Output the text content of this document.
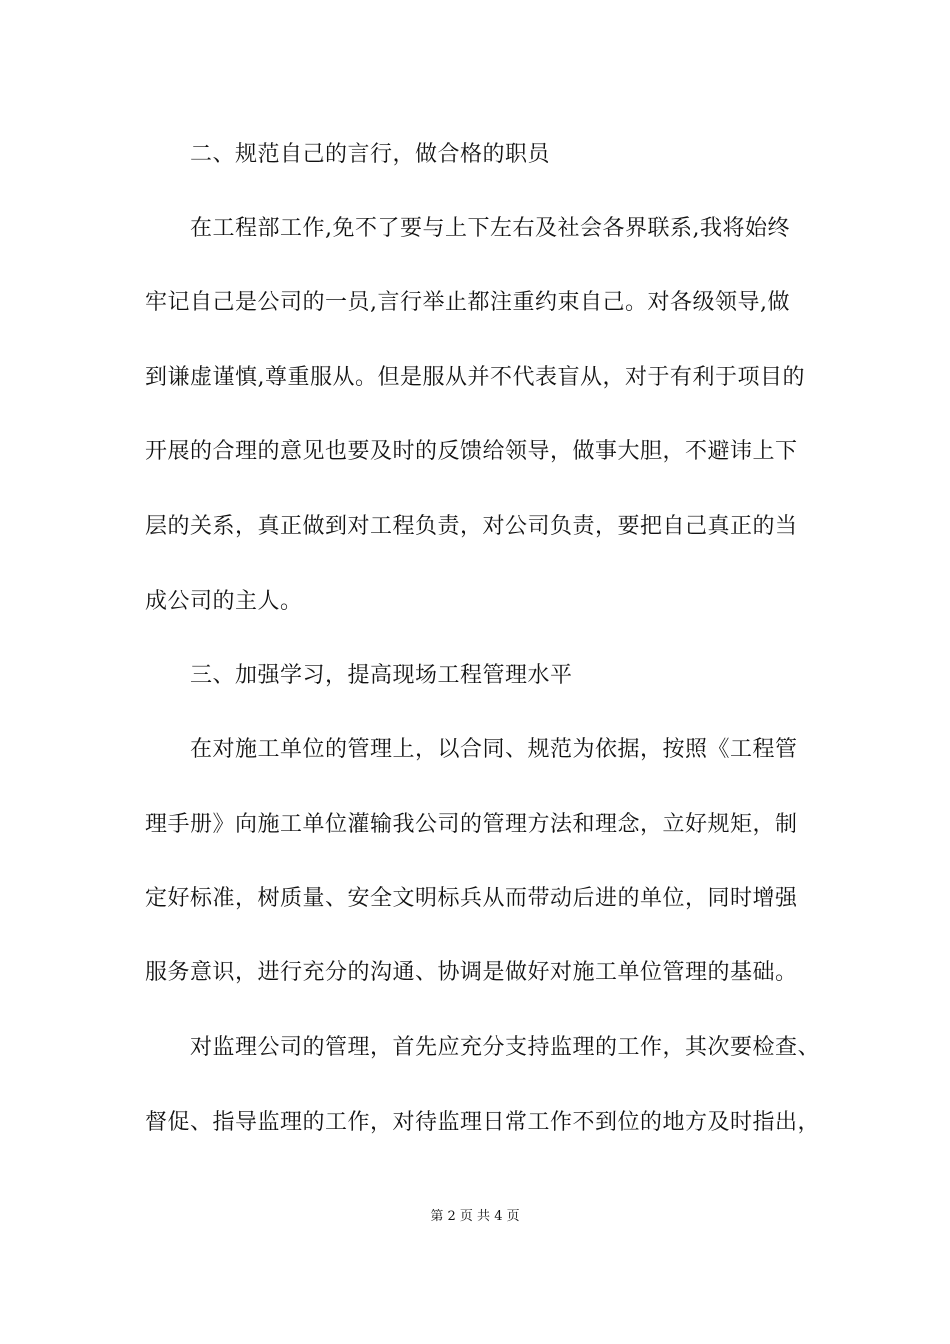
二、规范自己的言行，做合格的职员
在工程部工作,免不了要与上下左右及社会各界联系,我将始终
牢记自己是公司的一员,言行举止都注重约束自己。对各级领导,做
到谦虚谨慎,尊重服从。但是服从并不代表盲从，对于有利于项目的
开展的合理的意见也要及时的反馈给领导，做事大胆，不避讳上下
层的关系，真正做到对工程负责，对公司负责，要把自己真正的当
成公司的主人。
三、加强学习，提高现场工程管理水平
在对施工单位的管理上，以合同、规范为依据，按照《工程管
理手册》向施工单位灌输我公司的管理方法和理念，立好规矩，制
定好标准，树质量、安全文明标兵从而带动后进的单位，同时增强
服务意识，进行充分的沟通、协调是做好对施工单位管理的基础。
对监理公司的管理，首先应充分支持监理的工作，其次要检查、
督促、指导监理的工作，对待监理日常工作不到位的地方及时指出，
第 2 页 共 4 页
